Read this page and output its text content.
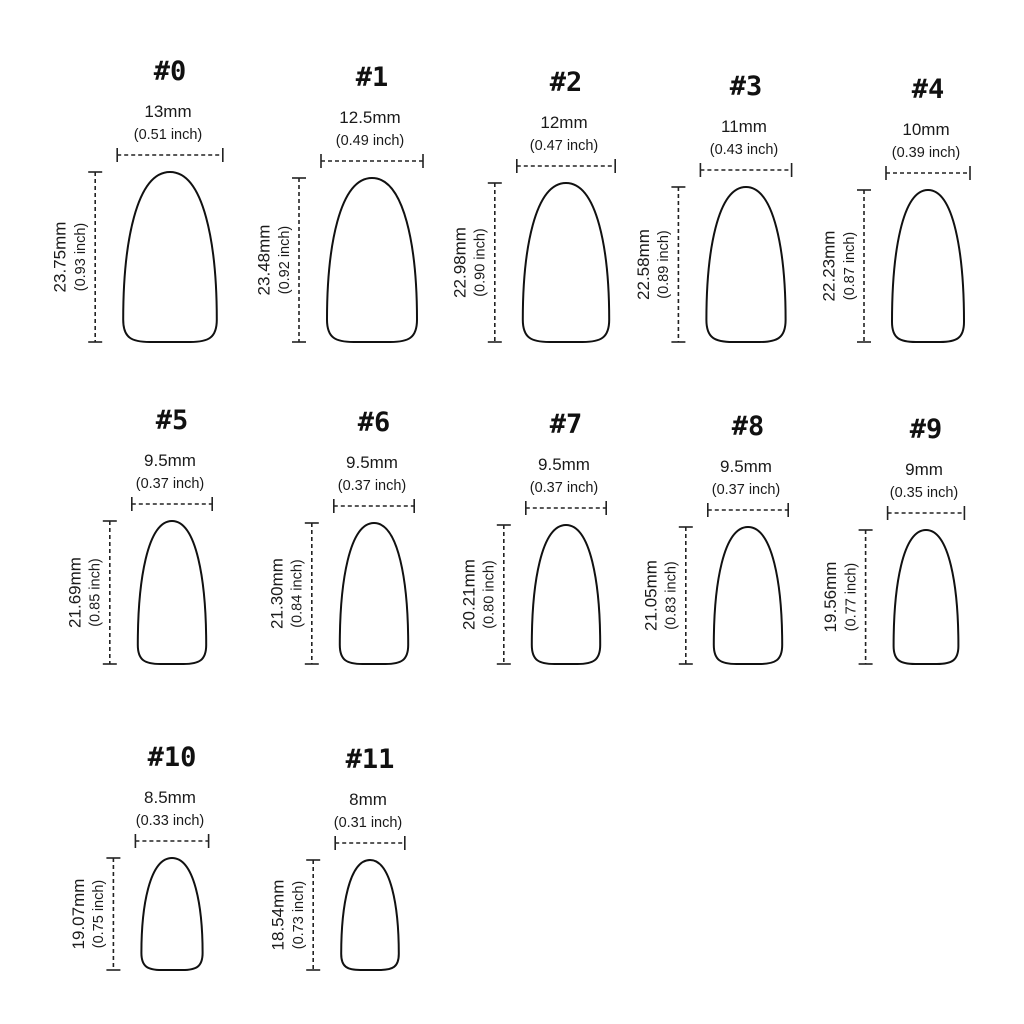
#0
13mm
(0.51 inch)
23.75mm (0.93 inch)
#1
12.5mm
(0.49 inch)
23.48mm (0.92 inch)
#2
12mm
(0.47 inch)
22.98mm (0.90 inch)
#3
11mm
(0.43 inch)
22.58mm (0.89 inch)
#4
10mm
(0.39 inch)
22.23mm (0.87 inch)
#5
9.5mm
(0.37 inch)
21.69mm (0.85 inch)
#6
9.5mm
(0.37 inch)
21.30mm (0.84 inch)
#7
9.5mm
(0.37 inch)
20.21mm (0.80 inch)
#8
9.5mm
(0.37 inch)
21.05mm (0.83 inch)
#9
9mm
(0.35 inch)
19.56mm (0.77 inch)
#10
8.5mm
(0.33 inch)
19.07mm (0.75 inch)
#11
8mm
(0.31 inch)
18.54mm (0.73 inch)
